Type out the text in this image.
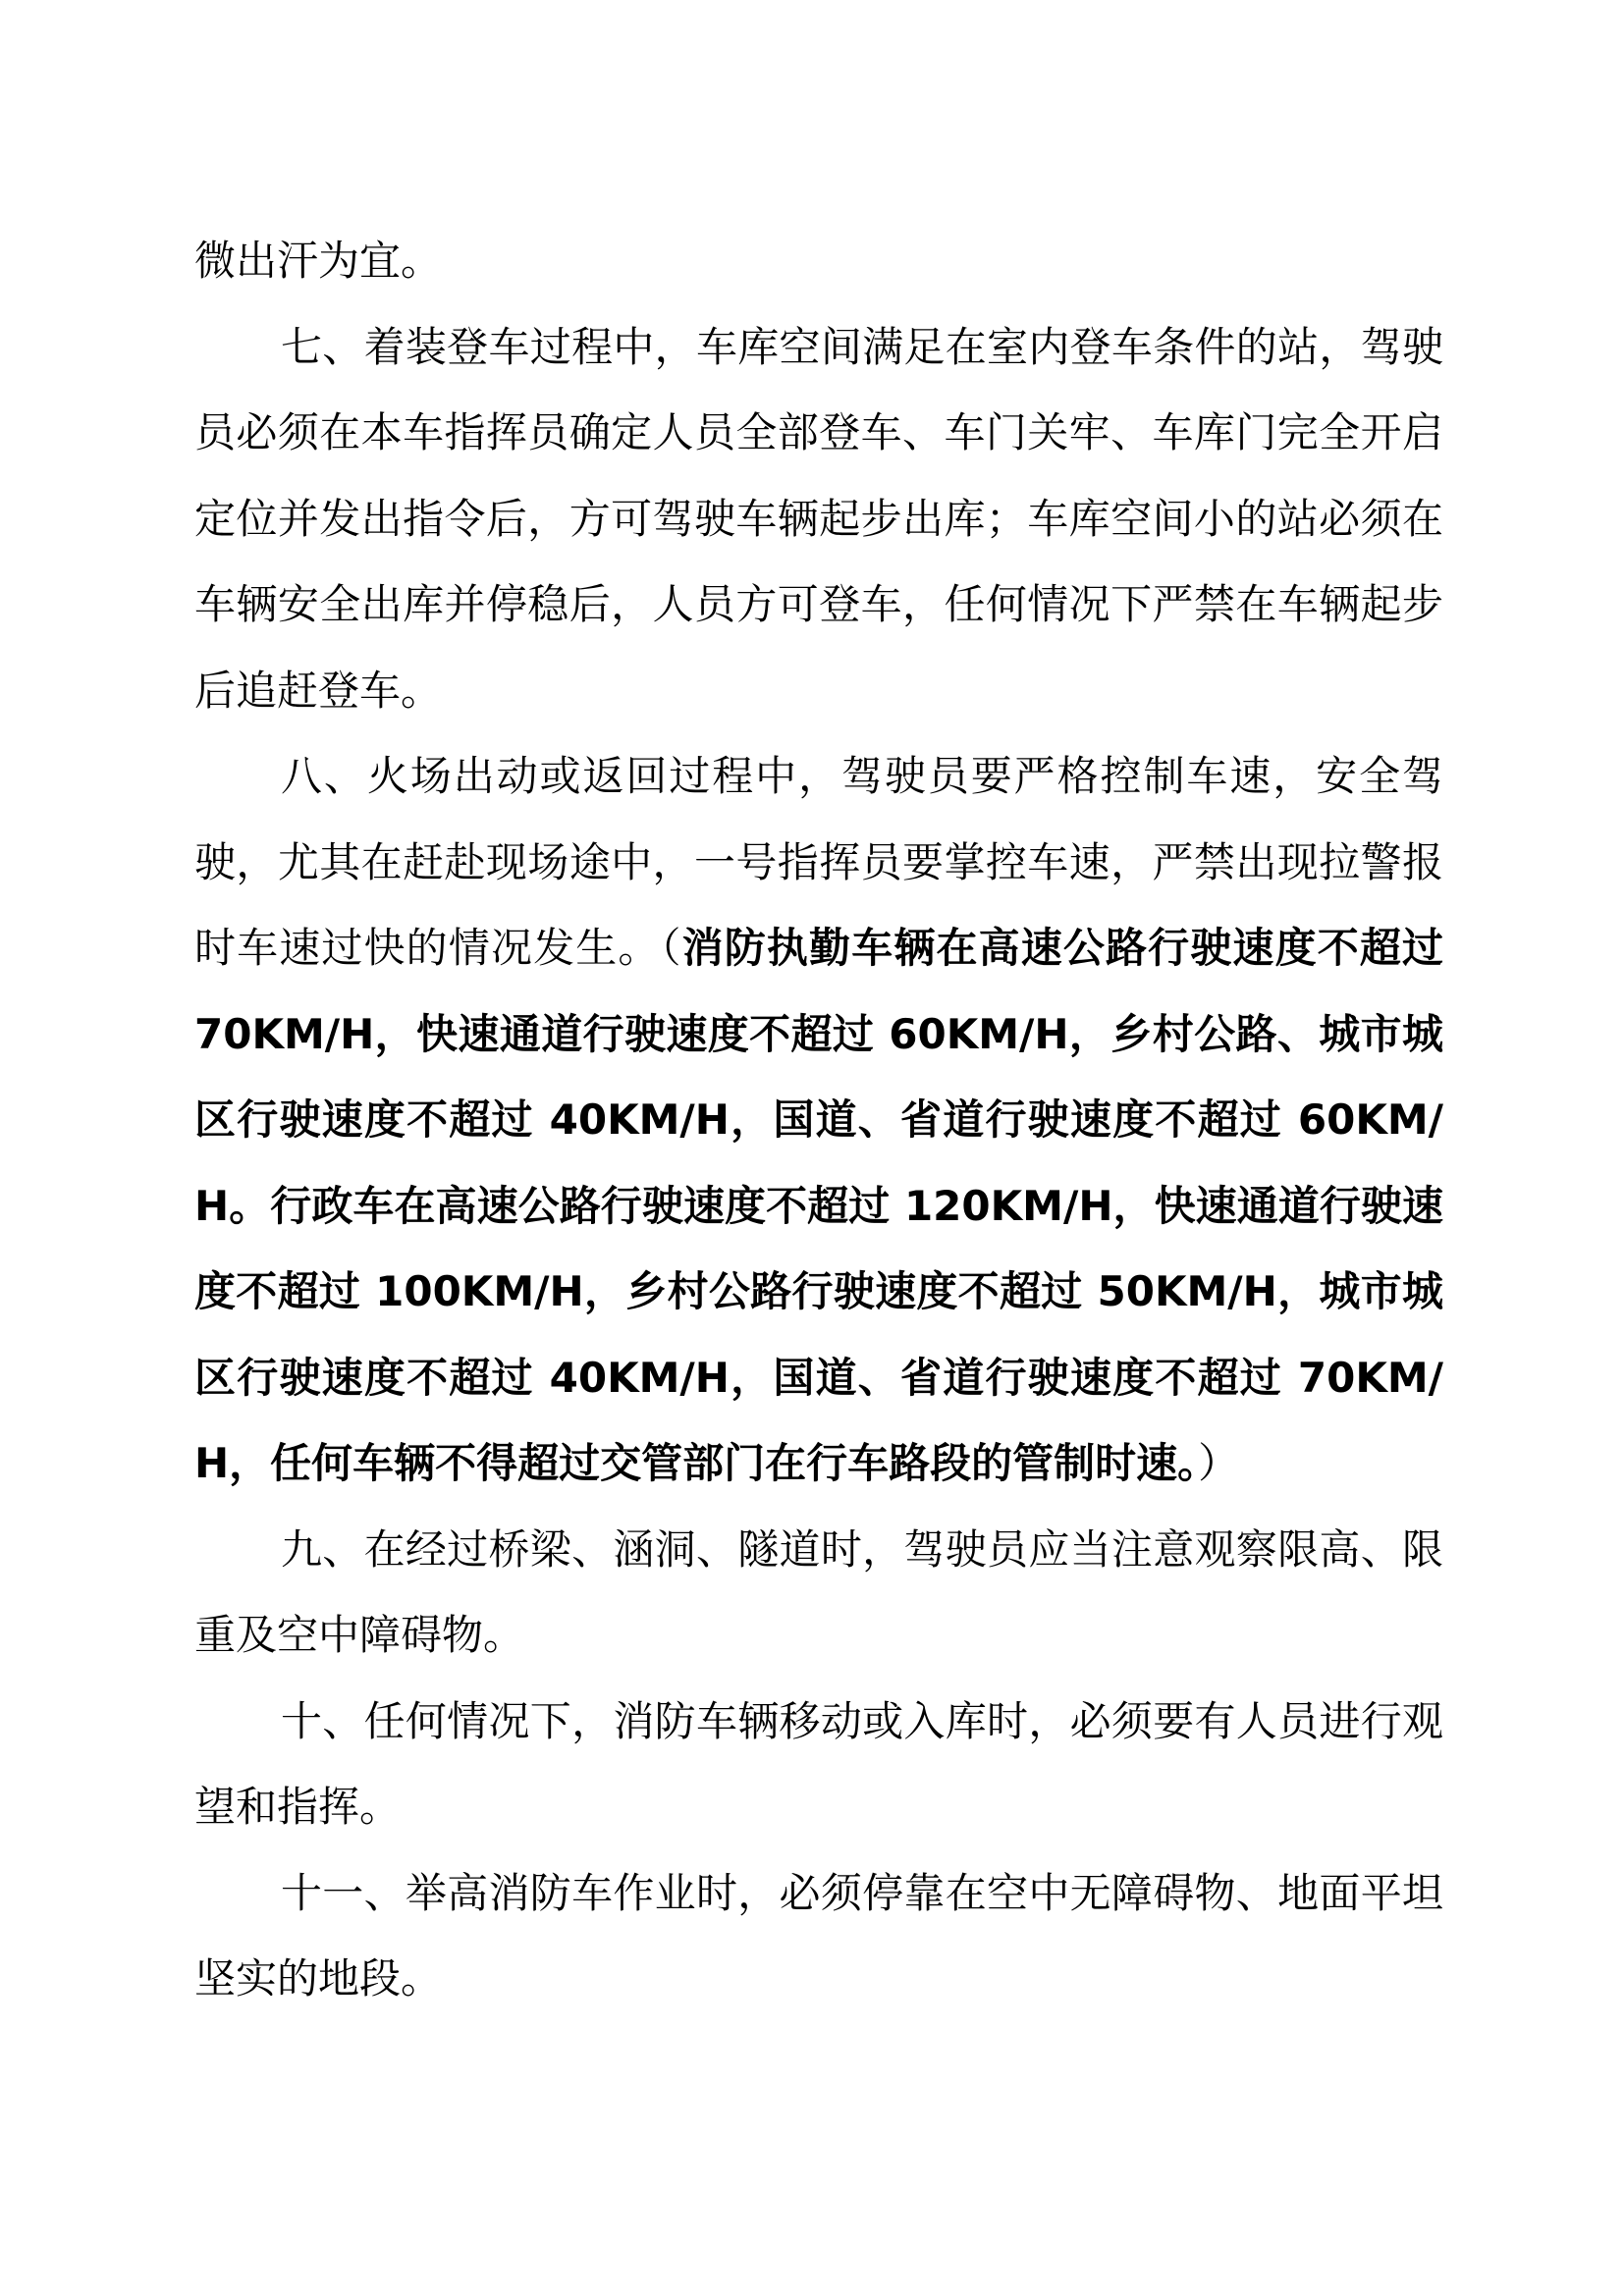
微出汗为宜。

七、着装登车过程中，车库空间满足在室内登车条件的站，驾驶员必须在本车指挥员确定人员全部登车、车门关牢、车库门完全开启定位并发出指令后，方可驾驶车辆起步出库；车库空间小的站必须在车辆安全出库并停稳后，人员方可登车，任何情况下严禁在车辆起步后追赶登车。

八、火场出动或返回过程中，驾驶员要严格控制车速，安全驾驶，尤其在赶赴现场途中，一号指挥员要掌控车速，严禁出现拉警报时车速过快的情况发生。（消防执勤车辆在高速公路行驶速度不超过 70KM/H，快速通道行驶速度不超过 60KM/H，乡村公路、城市城区行驶速度不超过 40KM/H，国道、省道行驶速度不超过 60KM/H。行政车在高速公路行驶速度不超过 120KM/H，快速通道行驶速度不超过 100KM/H，乡村公路行驶速度不超过 50KM/H，城市城区行驶速度不超过 40KM/H，国道、省道行驶速度不超过 70KM/H，任何车辆不得超过交管部门在行车路段的管制时速。）

九、在经过桥梁、涵洞、隧道时，驾驶员应当注意观察限高、限重及空中障碍物。

十、任何情况下，消防车辆移动或入库时，必须要有人员进行观望和指挥。

十一、举高消防车作业时，必须停靠在空中无障碍物、地面平坦坚实的地段。
